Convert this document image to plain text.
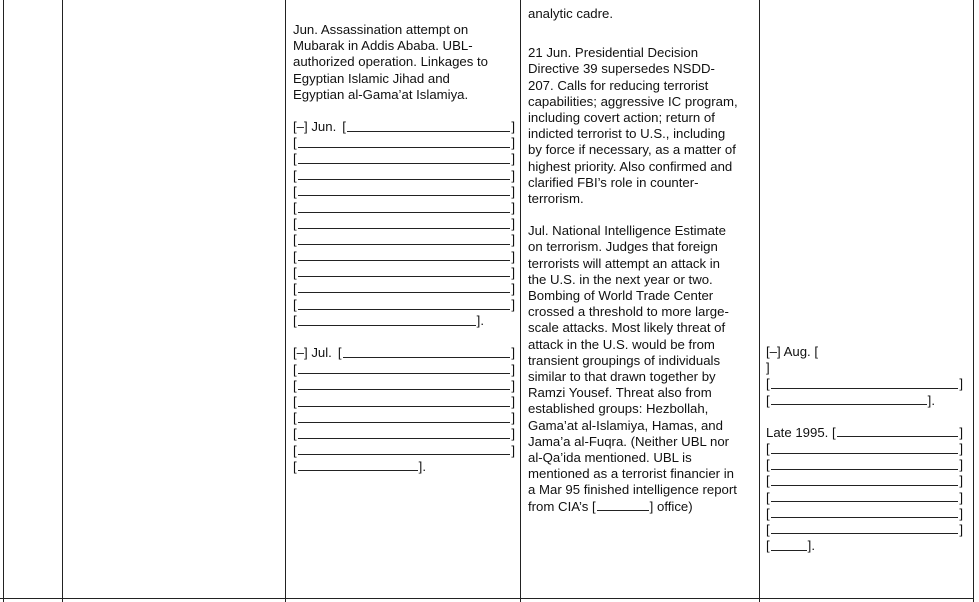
Jun. Assassination attempt on
Mubarak in Addis Ababa. UBL-
authorized operation. Linkages to
Egyptian Islamic Jihad and
Egyptian al-Gama’at Islamiya.

[–] Jun. [	]
[	]
[	]
[	]
[	]
[	]
[	]
[	]
[	]
[	]
[	]
[	]
[	].
[–] Jul. [	]
[	]
[	]
[	]
[	]
[	]
[	]
[	].

analytic cadre.

21 Jun. Presidential Decision
Directive 39 supersedes NSDD-
207. Calls for reducing terrorist
capabilities; aggressive IC program,
including covert action; return of
indicted terrorist to U.S., including
by force if necessary, as a matter of
highest priority. Also confirmed and
clarified FBI’s role in counter-
terrorism.

Jul. National Intelligence Estimate
on terrorism. Judges that foreign
terrorists will attempt an attack in
the U.S. in the next year or two.
Bombing of World Trade Center
crossed a threshold to more large-
scale attacks. Most likely threat of
attack in the U.S. would be from
transient groupings of individuals
similar to that drawn together by
Ramzi Yousef. Threat also from
established groups: Hezbollah,
Gama’at al-Islamiya, Hamas, and
Jama’a al-Fuqra. (Neither UBL nor
al-Qa’ida mentioned. UBL is
mentioned as a terrorist financier in
a Mar 95 finished intelligence report

from CIA’s [	] office)
[–] Aug. [
]
[	]
[	].
Late 1995. [	]
[	]
[	]
[	]
[	]
[	]
[	]
[	].
